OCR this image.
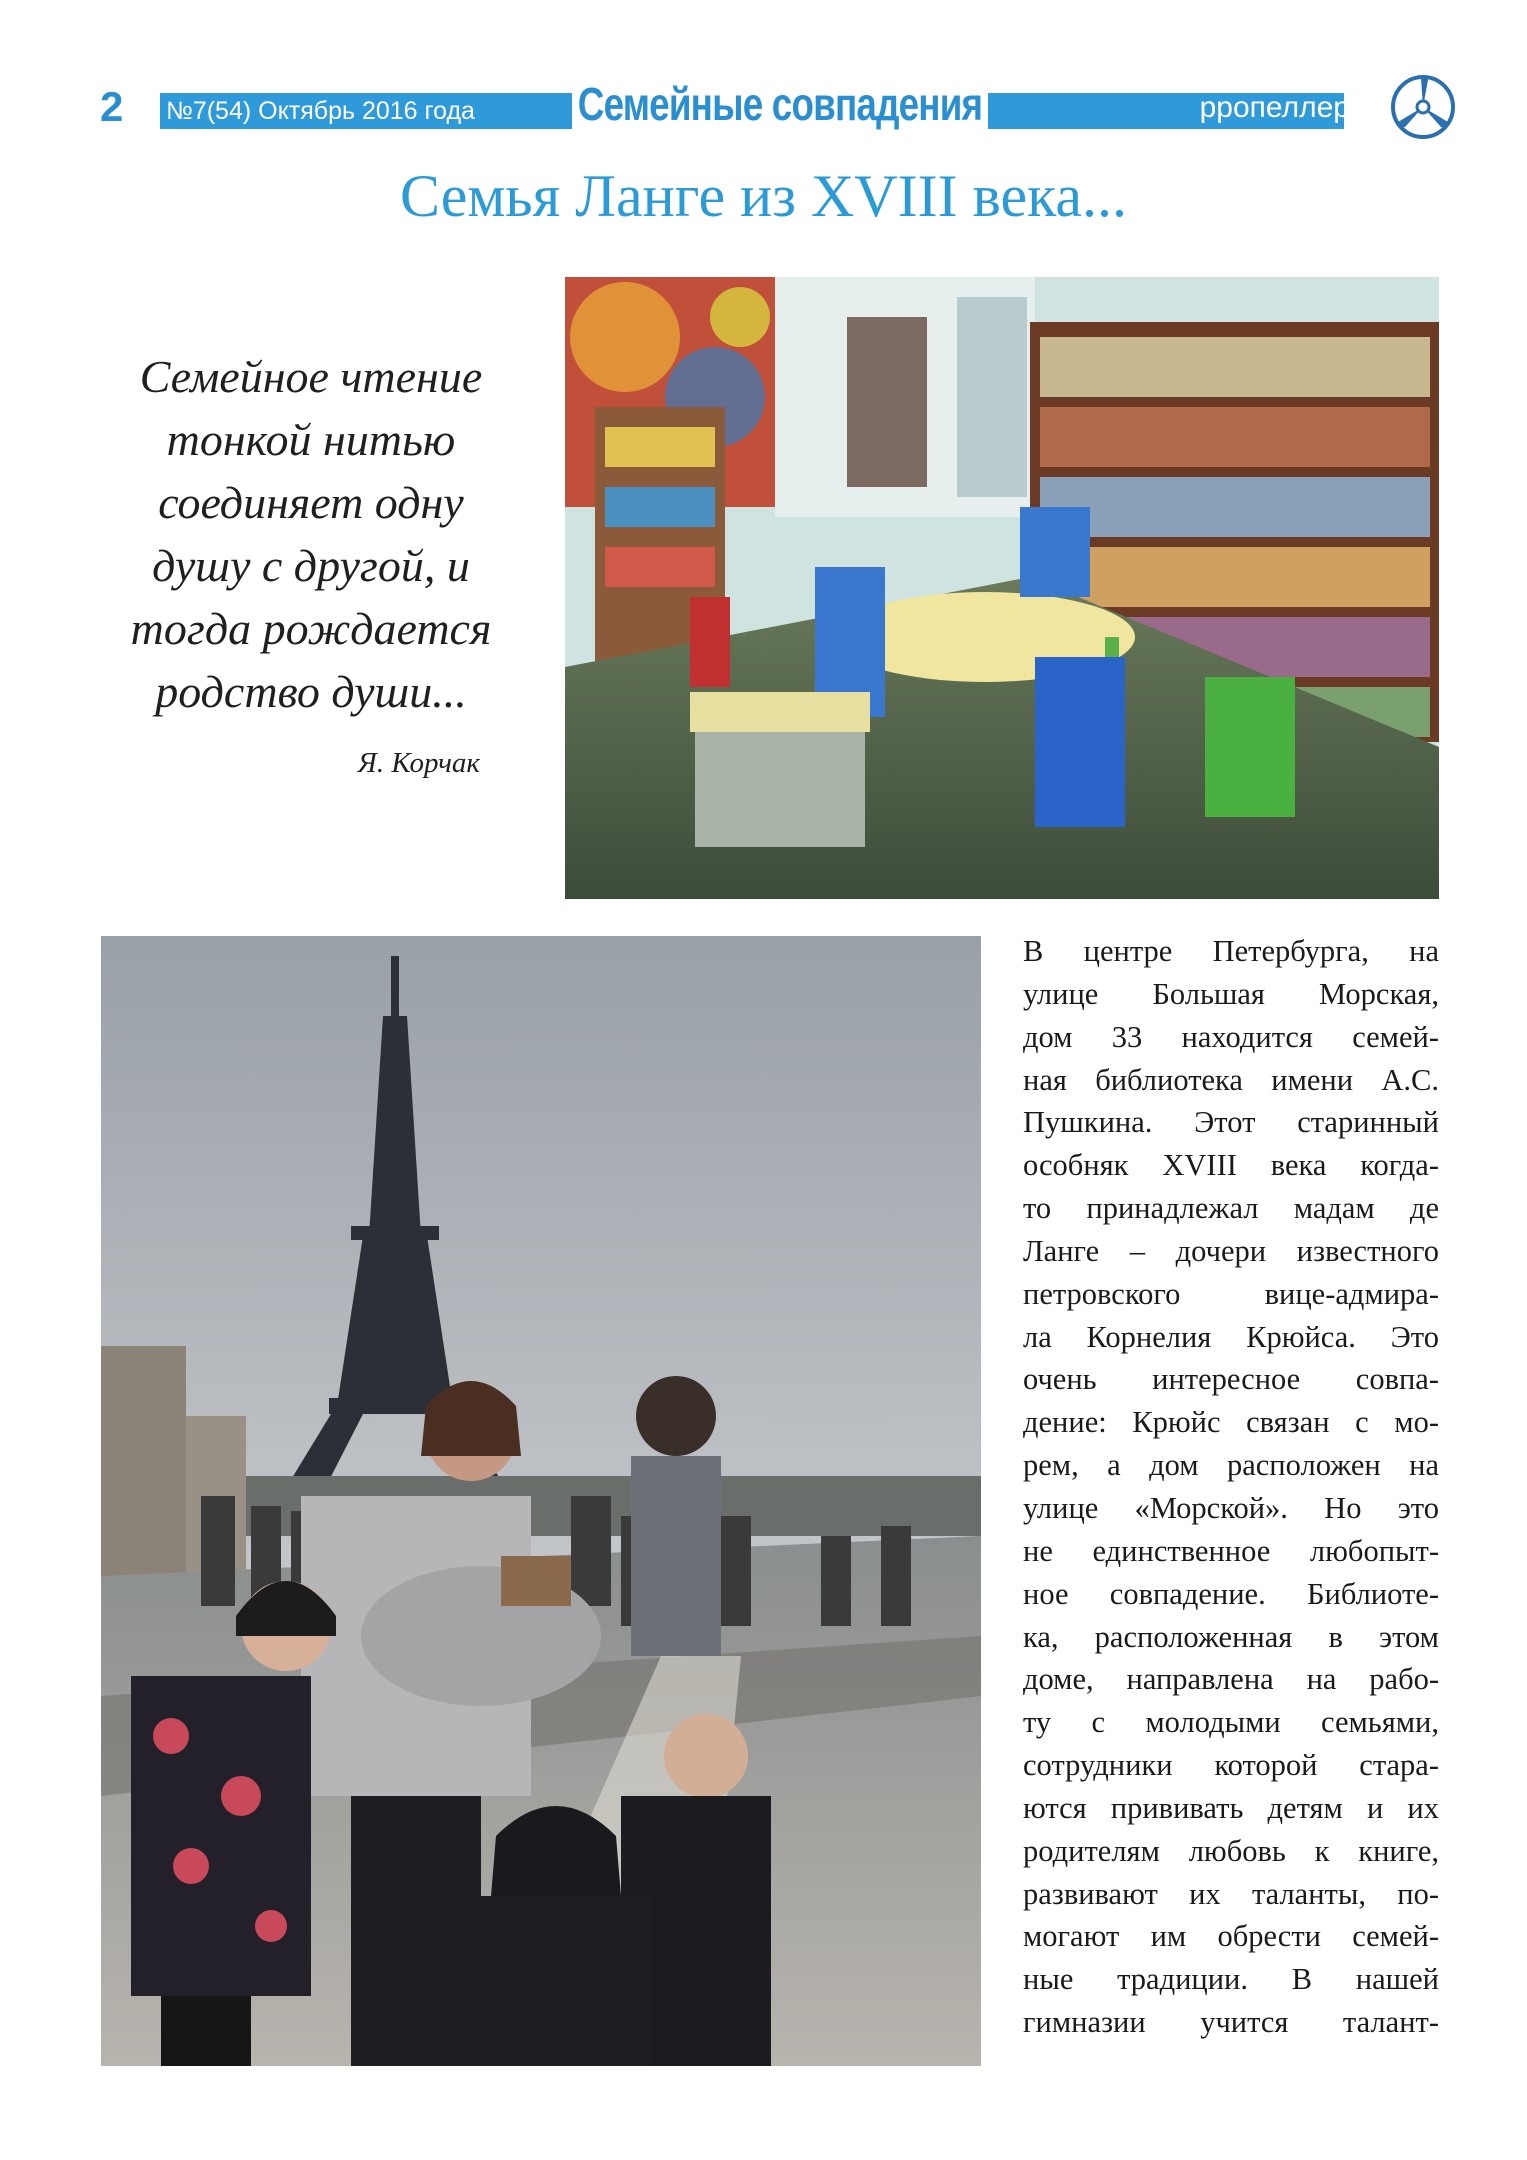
2 №7(54) Октябрь 2016 года Семейные совпадения	pропеллер
Семья Ланге из XVIII века...
Семейное чтение
тонкой нитью
соединяет одну
душу с другой, и
тогда рождается
родство души...
Я. Корчак
В центре Петербурга, на
улице Большая Морская,
дом 33 находится семей-
ная библиотека имени А.С.
Пушкина. Этот старинный
особняк XVIII века когда-
то принадлежал мадам де
Ланге – дочери известного
петровского вице-адмира-
ла Корнелия Крюйса. Это
очень интересное совпа-
дение: Крюйс связан с мо-
рем, а дом расположен на
улице «Морской». Но это
не единственное любопыт-
ное совпадение. Библиоте-
ка, расположенная в этом
доме, направлена на рабо-
ту с молодыми семьями,
сотрудники которой стара-
ются прививать детям и их
родителям любовь к книге,
развивают их таланты, по-
могают им обрести семей-
ные традиции. В нашей
гимназии учится талант-
